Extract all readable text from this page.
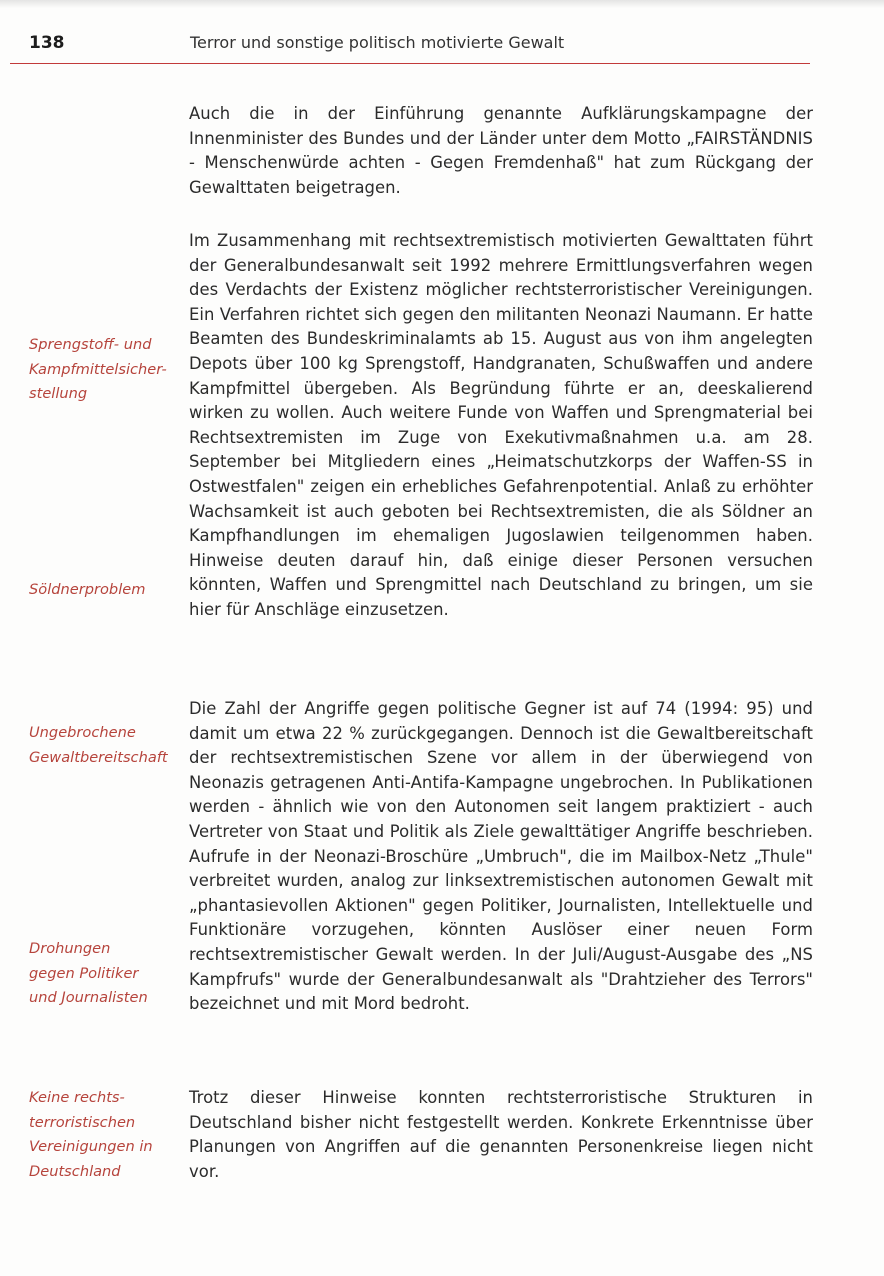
138	Terror und sonstige politisch motivierte Gewalt

Auch die in der Einführung genannte Aufklärungskampagne der Innenminister des Bundes und der Länder unter dem Motto „FAIRSTÄNDNIS - Menschenwürde achten - Gegen Fremdenhaß" hat zum Rückgang der Gewalttaten beigetragen.

Im Zusammenhang mit rechtsextremistisch motivierten Gewalttaten führt der Generalbundesanwalt seit 1992 mehrere Ermittlungsverfahren wegen des Verdachts der Existenz möglicher rechtsterroristischer Vereinigungen. Ein Verfahren richtet sich gegen den militanten Neonazi Naumann. Er hatte Beamten des Bundeskriminalamts ab 15. August aus von ihm angelegten Depots über 100 kg Sprengstoff, Handgranaten, Schußwaffen und andere Kampfmittel übergeben. Als Begründung führte er an, deeskalierend wirken zu wollen. Auch weitere Funde von Waffen und Sprengmaterial bei Rechtsextremisten im Zuge von Exekutivmaßnahmen u.a. am 28. September bei Mitgliedern eines „Heimatschutzkorps der Waffen-SS in Ostwestfalen" zeigen ein erhebliches Gefahrenpotential. Anlaß zu erhöhter Wachsamkeit ist auch geboten bei Rechtsextremisten, die als Söldner an Kampfhandlungen im ehemaligen Jugoslawien teilgenommen haben. Hinweise deuten darauf hin, daß einige dieser Personen versuchen könnten, Waffen und Sprengmittel nach Deutschland zu bringen, um sie hier für Anschläge einzusetzen.

Die Zahl der Angriffe gegen politische Gegner ist auf 74 (1994: 95) und damit um etwa 22 % zurückgegangen. Dennoch ist die Gewaltbereitschaft der rechtsextremistischen Szene vor allem in der überwiegend von Neonazis getragenen Anti-Antifa-Kampagne ungebrochen. In Publikationen werden - ähnlich wie von den Autonomen seit langem praktiziert - auch Vertreter von Staat und Politik als Ziele gewalttätiger Angriffe beschrieben. Aufrufe in der Neonazi-Broschüre „Umbruch", die im Mailbox-Netz „Thule" verbreitet wurden, analog zur linksextremistischen autonomen Gewalt mit „phantasievollen Aktionen" gegen Politiker, Journalisten, Intellektuelle und Funktionäre vorzugehen, könnten Auslöser einer neuen Form rechtsextremistischer Gewalt werden. In der Juli/August-Ausgabe des „NS Kampfrufs" wurde der Generalbundesanwalt als "Drahtzieher des Terrors" bezeichnet und mit Mord bedroht.

Trotz dieser Hinweise konnten rechtsterroristische Strukturen in Deutschland bisher nicht festgestellt werden. Konkrete Erkenntnisse über Planungen von Angriffen auf die genannten Personenkreise liegen nicht vor.

Sprengstoff- und
Kampfmittelsicher-
stellung
Söldnerproblem
Ungebrochene
Gewaltbereitschaft
Drohungen
gegen Politiker
und Journalisten
Keine rechts-
terroristischen
Vereinigungen in
Deutschland
